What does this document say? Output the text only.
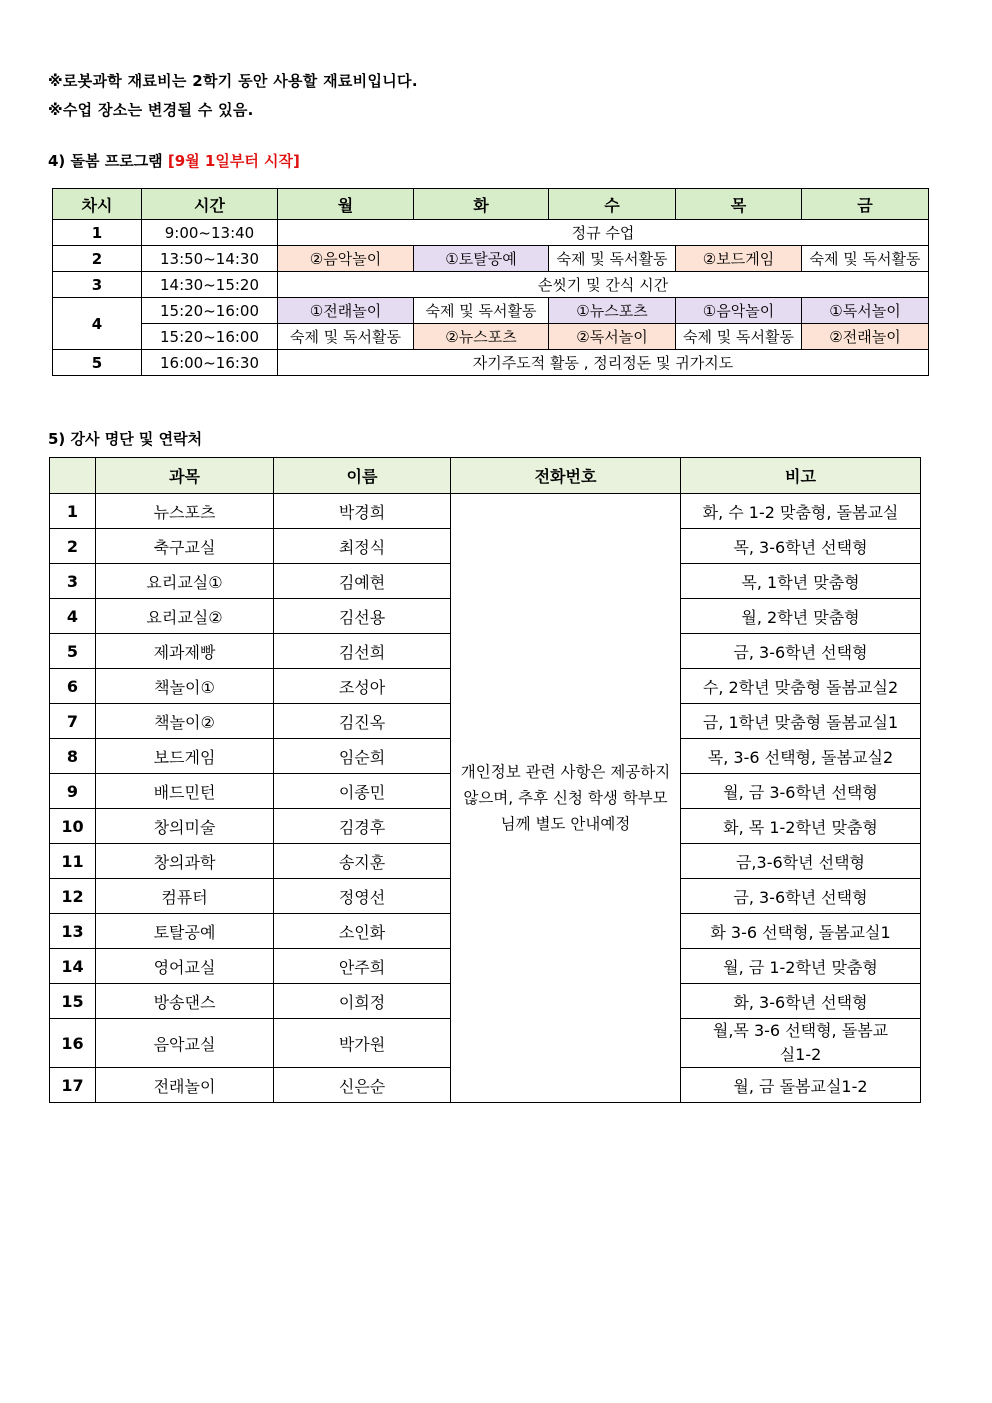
※로봇과학 재료비는 2학기 동안 사용할 재료비입니다.
※수업 장소는 변경될 수 있음.
4) 돌봄 프로그램 [9월 1일부터 시작]
차시	시간	월	화	수	목	금
1	9:00~13:40	정규 수업				
2	13:50~14:30	②음악놀이	①토탈공예	숙제 및 독서활동	②보드게임	숙제 및 독서활동
3	14:30~15:20	손씻기 및 간식 시간				
4	15:20~16:00	①전래놀이	숙제 및 독서활동	①뉴스포츠	①음악놀이	①독서놀이
	15:20~16:00	숙제 및 독서활동	②뉴스포츠	②독서놀이	숙제 및 독서활동	②전래놀이
5	16:00~16:30	자기주도적 활동 , 정리정돈 및 귀가지도				
5) 강사 명단 및 연락처
	과목	이름	전화번호	비고
1	뉴스포츠	박경희	개인정보 관련 사항은 제공하지 않으며, 추후 신청 학생 학부모님께 별도 안내예정	화, 수 1-2 맞춤형, 돌봄교실
2	축구교실	최정식		목, 3-6학년 선택형
3	요리교실①	김예현		목, 1학년 맞춤형
4	요리교실②	김선용		월, 2학년 맞춤형
5	제과제빵	김선희		금, 3-6학년 선택형
6	책놀이①	조성아		수, 2학년 맞춤형 돌봄교실2
7	책놀이②	김진옥		금, 1학년 맞춤형 돌봄교실1
8	보드게임	임순희		목, 3-6 선택형, 돌봄교실2
9	배드민턴	이종민		월, 금 3-6학년 선택형
10	창의미술	김경후		화, 목 1-2학년 맞춤형
11	창의과학	송지훈		금,3-6학년 선택형
12	컴퓨터	정영선		금, 3-6학년 선택형
13	토탈공예	소인화		화 3-6 선택형, 돌봄교실1
14	영어교실	안주희		월, 금 1-2학년 맞춤형
15	방송댄스	이희정		화, 3-6학년 선택형
16	음악교실	박가원		월,목 3-6 선택형, 돌봄교실1-2
17	전래놀이	신은순		월, 금 돌봄교실1-2
